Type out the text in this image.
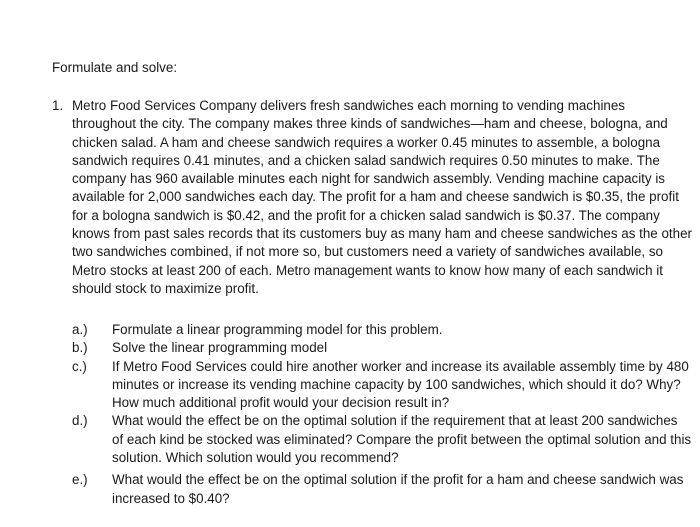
Formulate and solve:
1. Metro Food Services Company delivers fresh sandwiches each morning to vending machines throughout the city. The company makes three kinds of sandwiches—ham and cheese, bologna, and chicken salad. A ham and cheese sandwich requires a worker 0.45 minutes to assemble, a bologna sandwich requires 0.41 minutes, and a chicken salad sandwich requires 0.50 minutes to make. The company has 960 available minutes each night for sandwich assembly. Vending machine capacity is available for 2,000 sandwiches each day. The profit for a ham and cheese sandwich is $0.35, the profit for a bologna sandwich is $0.42, and the profit for a chicken salad sandwich is $0.37. The company knows from past sales records that its customers buy as many ham and cheese sandwiches as the other two sandwiches combined, if not more so, but customers need a variety of sandwiches available, so Metro stocks at least 200 of each. Metro management wants to know how many of each sandwich it should stock to maximize profit.
a.)	Formulate a linear programming model for this problem.
b.)	Solve the linear programming model
c.)	If Metro Food Services could hire another worker and increase its available assembly time by 480 minutes or increase its vending machine capacity by 100 sandwiches, which should it do? Why? How much additional profit would your decision result in?
d.)	What would the effect be on the optimal solution if the requirement that at least 200 sandwiches of each kind be stocked was eliminated? Compare the profit between the optimal solution and this solution. Which solution would you recommend?
e.)	What would the effect be on the optimal solution if the profit for a ham and cheese sandwich was increased to $0.40?
